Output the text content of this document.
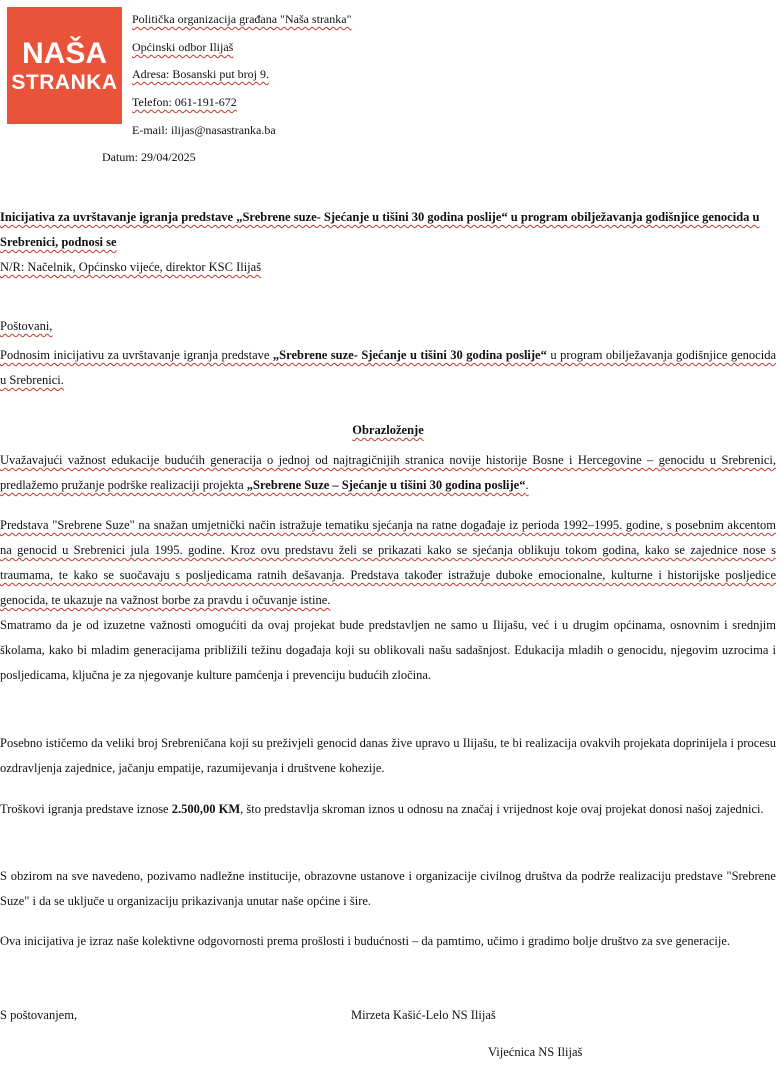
NAŠA
STRANKA
Politička organizacija građana "Naša stranka"
Općinski odbor Ilijaš
Adresa: Bosanski put broj 9.
Telefon: 061-191-672
E-mail: ilijas@nasastranka.ba
Datum: 29/04/2025
Inicijativa za uvrštavanje igranja predstave „Srebrene suze- Sjećanje u tišini 30 godina poslije“ u program obilježavanja godišnjice genocida u Srebrenici, podnosi se
N/R: Načelnik, Općinsko vijeće, direktor KSC Ilijaš
Poštovani,
Podnosim inicijativu za uvrštavanje igranja predstave „Srebrene suze- Sjećanje u tišini 30 godina poslije“ u program obilježavanja godišnjice genocida u Srebrenici.
Obrazloženje
Uvažavajući važnost edukacije budućih generacija o jednoj od najtragičnijih stranica novije historije Bosne i Hercegovine – genocidu u Srebrenici, predlažemo pružanje podrške realizaciji projekta „Srebrene Suze – Sjećanje u tišini 30 godina poslije“.
Predstava "Srebrene Suze" na snažan umjetnički način istražuje tematiku sjećanja na ratne događaje iz perioda 1992–1995. godine, s posebnim akcentom na genocid u Srebrenici jula 1995. godine. Kroz ovu predstavu želi se prikazati kako se sjećanja oblikuju tokom godina, kako se zajednice nose s traumama, te kako se suočavaju s posljedicama ratnih dešavanja. Predstava također istražuje duboke emocionalne, kulturne i historijske posljedice genocida, te ukazuje na važnost borbe za pravdu i očuvanje istine.
Smatramo da je od izuzetne važnosti omogućiti da ovaj projekat bude predstavljen ne samo u Ilijašu, već i u drugim općinama, osnovnim i srednjim školama, kako bi mladim generacijama približili težinu događaja koji su oblikovali našu sadašnjost. Edukacija mladih o genocidu, njegovim uzrocima i posljedicama, ključna je za njegovanje kulture pamćenja i prevenciju budućih zločina.
Posebno ističemo da veliki broj Srebreničana koji su preživjeli genocid danas žive upravo u Ilijašu, te bi realizacija ovakvih projekata doprinijela i procesu ozdravljenja zajednice, jačanju empatije, razumijevanja i društvene kohezije.
Troškovi igranja predstave iznose 2.500,00 KM, što predstavlja skroman iznos u odnosu na značaj i vrijednost koje ovaj projekat donosi našoj zajednici.
S obzirom na sve navedeno, pozivamo nadležne institucije, obrazovne ustanove i organizacije civilnog društva da podrže realizaciju predstave "Srebrene Suze" i da se uključe u organizaciju prikazivanja unutar naše općine i šire.
Ova inicijativa je izraz naše kolektivne odgovornosti prema prošlosti i budućnosti – da pamtimo, učimo i gradimo bolje društvo za sve generacije.
S poštovanjem,	Mirzeta Kašić-Lelo NS Ilijaš
Vijećnica NS Ilijaš
